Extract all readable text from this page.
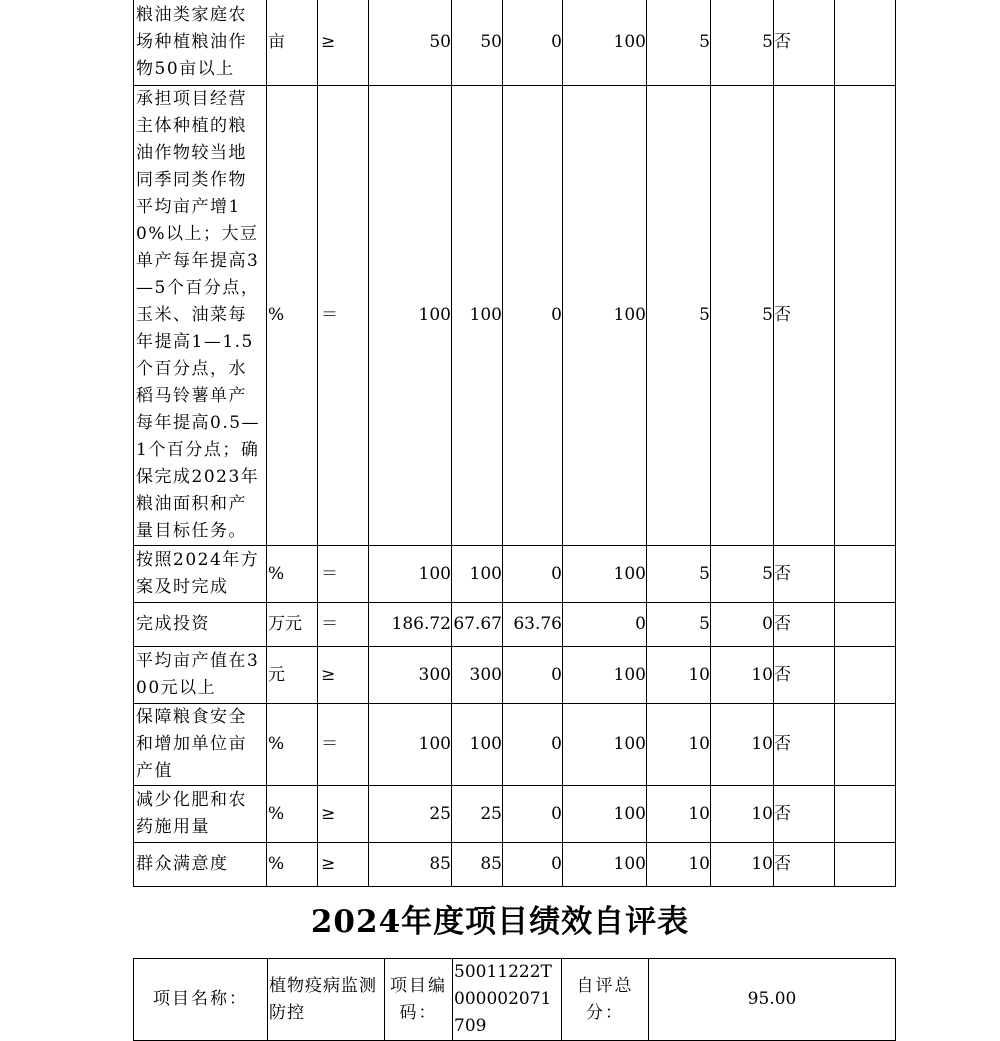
粮油类家庭农场种植粮油作物50亩以上	亩	≥	50	50	0	100	5	5	否	
承担项目经营主体种植的粮油作物较当地同季同类作物平均亩产增10%以上；大豆单产每年提高3—5个百分点，玉米、油菜每年提高1—1.5个百分点，水稻马铃薯单产每年提高0.5—1个百分点；确保完成2023年粮油面积和产量目标任务。	%	＝	100	100	0	100	5	5	否	
按照2024年方案及时完成	%	＝	100	100	0	100	5	5	否	
完成投资	万元	＝	186.72	67.67	63.76	0	5	0	否	
平均亩产值在300元以上	元	≥	300	300	0	100	10	10	否	
保障粮食安全和增加单位亩产值	%	＝	100	100	0	100	10	10	否	
减少化肥和农药施用量	%	≥	25	25	0	100	10	10	否	
群众满意度	%	≥	85	85	0	100	10	10	否	
2024年度项目绩效自评表
项目名称：	植物疫病监测防控	项目编码：	50011222T000002071709	自评总分：	95.00
